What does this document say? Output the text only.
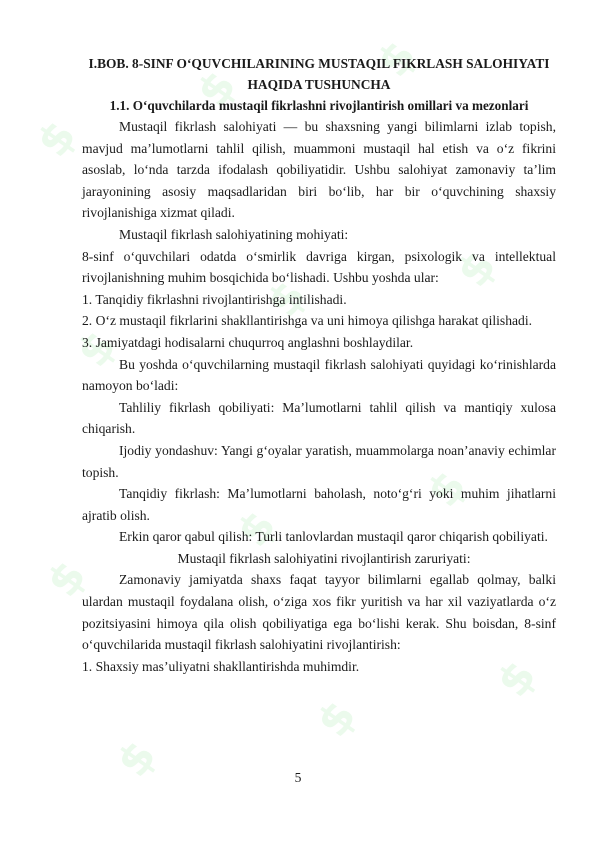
$
$
$
$
$
$
$
$
$
$
$
$
I.BOB. 8-SINF O‘QUVCHILARINING MUSTAQIL FIKRLASH SALOHIYATI HAQIDA TUSHUNCHA
1.1. O‘quvchilarda mustaqil fikrlashni rivojlantirish omillari va mezonlari

Mustaqil fikrlash salohiyati — bu shaxsning yangi bilimlarni izlab topish, mavjud ma’lumotlarni tahlil qilish, muammoni mustaqil hal etish va o‘z fikrini asoslab, lo‘nda tarzda ifodalash qobiliyatidir. Ushbu salohiyat zamonaviy ta’lim jarayonining asosiy maqsadlaridan biri bo‘lib, har bir o‘quvchining shaxsiy rivojlanishiga xizmat qiladi.

Mustaqil fikrlash salohiyatining mohiyati:

8-sinf o‘quvchilari odatda o‘smirlik davriga kirgan, psixologik va intellektual rivojlanishning muhim bosqichida bo‘lishadi. Ushbu yoshda ular:

1. Tanqidiy fikrlashni rivojlantirishga intilishadi.

2. O‘z mustaqil fikrlarini shakllantirishga va uni himoya qilishga harakat qilishadi.

3. Jamiyatdagi hodisalarni chuqurroq anglashni boshlaydilar.

Bu yoshda o‘quvchilarning mustaqil fikrlash salohiyati quyidagi ko‘rinishlarda namoyon bo‘ladi:

Tahliliy fikrlash qobiliyati: Ma’lumotlarni tahlil qilish va mantiqiy xulosa chiqarish.

Ijodiy yondashuv: Yangi g‘oyalar yaratish, muammolarga noan’anaviy echimlar topish.

Tanqidiy fikrlash: Ma’lumotlarni baholash, noto‘g‘ri yoki muhim jihatlarni ajratib olish.

Erkin qaror qabul qilish: Turli tanlovlardan mustaqil qaror chiqarish qobiliyati.

Mustaqil fikrlash salohiyatini rivojlantirish zaruriyati:

Zamonaviy jamiyatda shaxs faqat tayyor bilimlarni egallab qolmay, balki ulardan mustaqil foydalana olish, o‘ziga xos fikr yuritish va har xil vaziyatlarda o‘z pozitsiyasini himoya qila olish qobiliyatiga ega bo‘lishi kerak. Shu boisdan, 8-sinf o‘quvchilarida mustaqil fikrlash salohiyatini rivojlantirish:

1. Shaxsiy mas’uliyatni shakllantirishda muhimdir.

5
